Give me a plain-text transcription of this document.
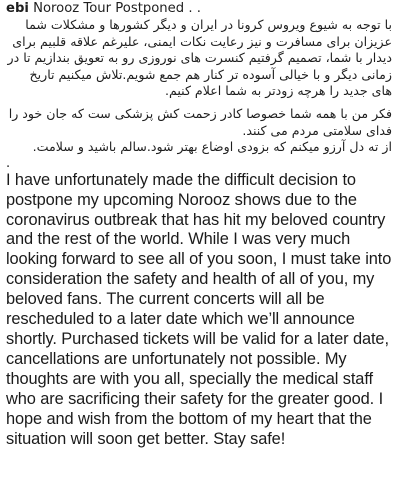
ebi Norooz Tour Postponed . .

با توجه به شیوع ویروس کرونا در ایران و دیگر کشورها و مشکلات شما عزیزان برای مسافرت و نیز رعایت نکات ایمنی، علیرغم علاقه قلبیم برای دیدار با شما، تصمیم گرفتیم کنسرت های نوروزی رو به تعویق بندازیم تا در زمانی دیگر و با خیالی آسوده تر کنار هم جمع شویم.تلاش میکنیم تاریخ های جدید را هرچه زودتر به شما اعلام کنیم.

فکر من با همه شما خصوصا کادر زحمت کش پزشکی ست که جان خود را فدای سلامتی مردم می کنند.

از ته دل آرزو میکنم که بزودی اوضاع بهتر شود.سالم باشید و سلامت.

.

I have unfortunately made the difficult decision to postpone my upcoming Norooz shows due to the coronavirus outbreak that has hit my beloved country and the rest of the world. While I was very much looking forward to see all of you soon, I must take into consideration the safety and health of all of you, my beloved fans. The current concerts will all be rescheduled to a later date which we’ll announce shortly. Purchased tickets will be valid for a later date, cancellations are unfortunately not possible. My thoughts are with you all, specially the medical staff who are sacrificing their safety for the greater good. I hope and wish from the bottom of my heart that the situation will soon get better. Stay safe!
